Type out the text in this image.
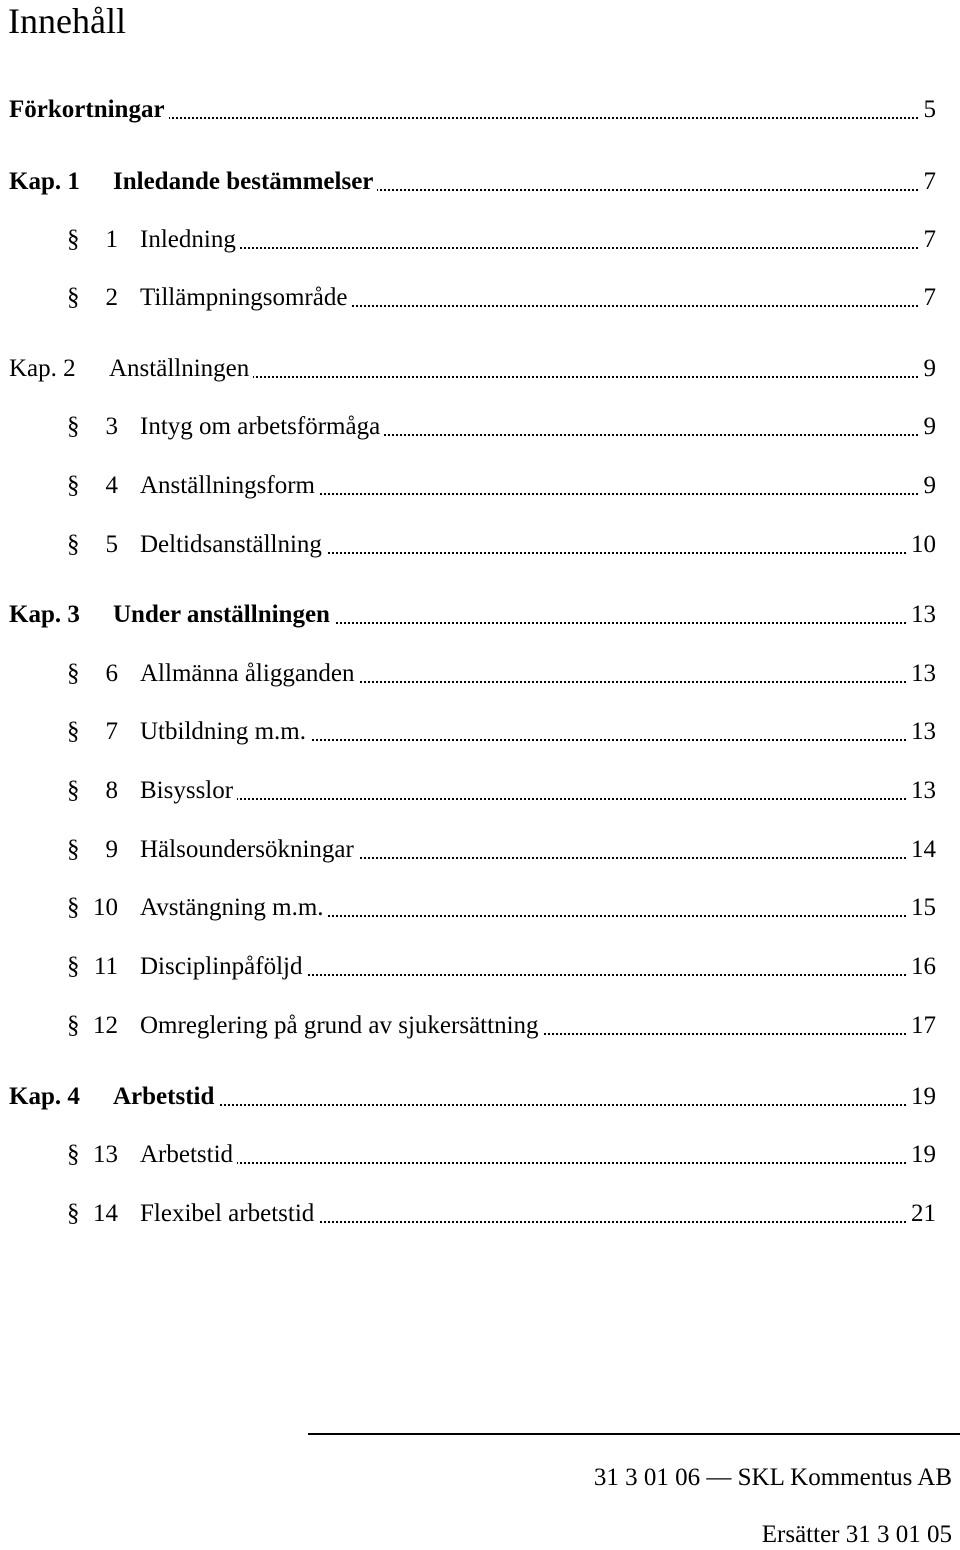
Innehåll
Förkortningar	5
Kap. 1 Inledande bestämmelser	7
§	1 Inledning	7
§	2 Tillämpningsområde	7
Kap. 2 Anställningen	9
§	3 Intyg om arbetsförmåga	9
§	4 Anställningsform	9
§	5 Deltidsanställning	10
Kap. 3 Under anställningen	13
§	6 Allmänna åligganden	13
§	7 Utbildning m.m.	13
§	8 Bisysslor	13
§	9 Hälsoundersökningar	14
§ 10 Avstängning m.m.	15
§ 11 Disciplinpåföljd	16
§ 12 Omreglering på grund av sjukersättning	17
Kap. 4 Arbetstid	19
§ 13 Arbetstid	19
§ 14 Flexibel arbetstid	21
31 3 01 06 — SKL Kommentus AB
Ersätter 31 3 01 05
